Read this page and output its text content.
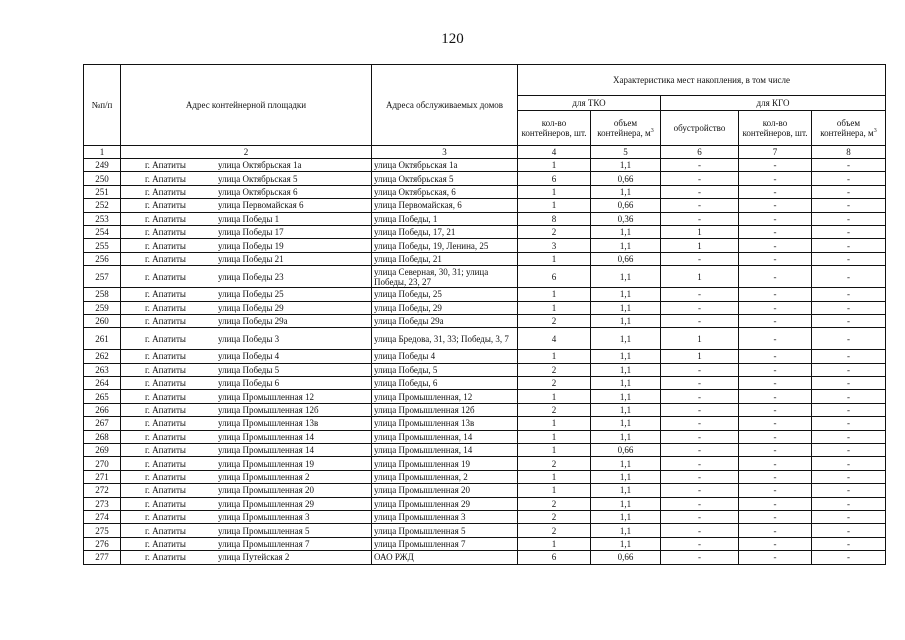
120
№п/п	Адрес контейнерной площадки	Адреса обслуживаемых домов	Характеристика мест накопления, в том числе				
			для ТКО		для КГО		
			кол-во контейнеров, шт.	объем контейнера, $м^3$	обустройство	кол-во контейнеров, шт.	объем контейнера, $м^3$
1	2	3	4	5	6	7	8
249	г. Апатиты улица Октябрьская 1а	улица Октябрьская 1а	1	1,1	-	-	-
250	г. Апатиты улица Октябрьская 5	улица Октябрьская 5	6	0,66	-	-	-
251	г. Апатиты улица Октябрьская 6	улица Октябрьская, 6	1	1,1	-	-	-
252	г. Апатиты улица Первомайская 6	улица Первомайская, 6	1	0,66	-	-	-
253	г. Апатиты улица Победы 1	улица Победы, 1	8	0,36	-	-	-
254	г. Апатиты улица Победы 17	улица Победы, 17, 21	2	1,1	1	-	-
255	г. Апатиты улица Победы 19	улица Победы, 19, Ленина, 25	3	1,1	1	-	-
256	г. Апатиты улица Победы 21	улица Победы, 21	1	0,66	-	-	-
257	г. Апатиты улица Победы 23	улица Северная, 30, 31; улица Победы, 23, 27	6	1,1	1	-	-
258	г. Апатиты улица Победы 25	улица Победы, 25	1	1,1	-	-	-
259	г. Апатиты улица Победы 29	улица Победы, 29	1	1,1	-	-	-
260	г. Апатиты улица Победы 29а	улица Победы 29а	2	1,1	-	-	-
261	г. Апатиты улица Победы 3	улица Бредова, 31, 33; Победы, 3, 7	4	1,1	1	-	-
262	г. Апатиты улица Победы 4	улица Победы 4	1	1,1	1	-	-
263	г. Апатиты улица Победы 5	улица Победы, 5	2	1,1	-	-	-
264	г. Апатиты улица Победы 6	улица Победы, 6	2	1,1	-	-	-
265	г. Апатиты улица Промышленная 12	улица Промышленная, 12	1	1,1	-	-	-
266	г. Апатиты улица Промышленная 12б	улица Промышленная 12б	2	1,1	-	-	-
267	г. Апатиты улица Промышленная 13в	улица Промышленная 13в	1	1,1	-	-	-
268	г. Апатиты улица Промышленная 14	улица Промышленная, 14	1	1,1	-	-	-
269	г. Апатиты улица Промышленная 14	улица Промышленная, 14	1	0,66	-	-	-
270	г. Апатиты улица Промышленная 19	улица Промышленная 19	2	1,1	-	-	-
271	г. Апатиты улица Промышленная 2	улица Промышленная, 2	1	1,1	-	-	-
272	г. Апатиты улица Промышленная 20	улица Промышленная 20	1	1,1	-	-	-
273	г. Апатиты улица Промышленная 29	улица Промышленная 29	2	1,1	-	-	-
274	г. Апатиты улица Промышленная 3	улица Промышленная 3	2	1,1	-	-	-
275	г. Апатиты улица Промышленная 5	улица Промышленная 5	2	1,1	-	-	-
276	г. Апатиты улица Промышленная 7	улица Промышленная 7	1	1,1	-	-	-
277	г. Апатиты улица Путейская 2	ОАО РЖД	6	0,66	-	-	-
